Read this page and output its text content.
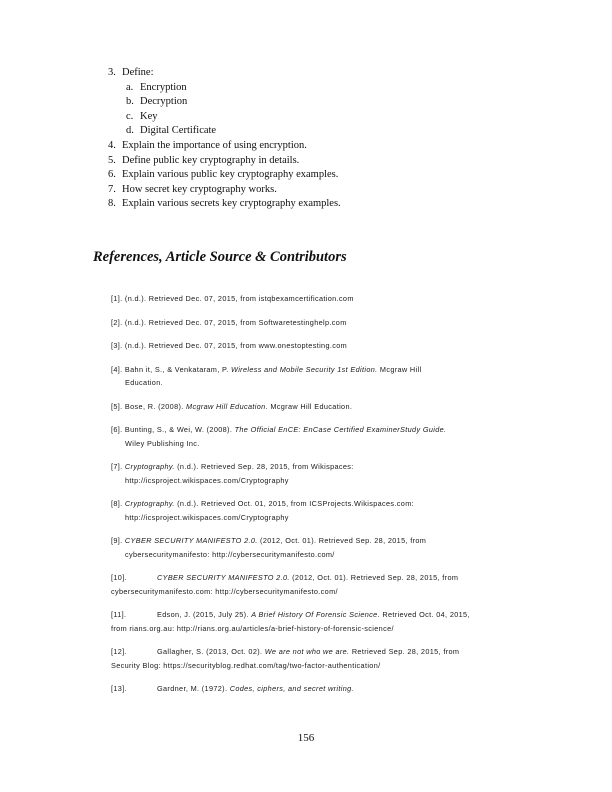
3. Define:
a. Encryption
b. Decryption
c. Key
d. Digital Certificate
4. Explain the importance of using encryption.
5. Define public key cryptography in details.
6. Explain various public key cryptography examples.
7. How secret key cryptography works.
8. Explain various secrets key cryptography examples.
References, Article Source & Contributors
[1]. (n.d.). Retrieved Dec. 07, 2015, from istqbexamcertification.com
[2]. (n.d.). Retrieved Dec. 07, 2015, from Softwaretestinghelp.com
[3]. (n.d.). Retrieved Dec. 07, 2015, from www.onestoptesting.com
[4]. Bahn it, S., & Venkataram, P. Wireless and Mobile Security 1st Edition. Mcgraw Hill
Education.
[5]. Bose, R. (2008). Mcgraw Hill Education. Mcgraw Hill Education.
[6]. Bunting, S., & Wei, W. (2008). The Official EnCE: EnCase Certified ExaminerStudy Guide.
Wiley Publishing Inc.
[7]. Cryptography. (n.d.). Retrieved Sep. 28, 2015, from Wikispaces:
http://icsproject.wikispaces.com/Cryptography
[8]. Cryptography. (n.d.). Retrieved Oct. 01, 2015, from ICSProjects.Wikispaces.com:
http://icsproject.wikispaces.com/Cryptography
[9]. CYBER SECURITY MANIFESTO 2.0. (2012, Oct. 01). Retrieved Sep. 28, 2015, from
cybersecuritymanifesto: http://cybersecuritymanifesto.com/
[10].	CYBER SECURITY MANIFESTO 2.0. (2012, Oct. 01). Retrieved Sep. 28, 2015, from
cybersecuritymanifesto.com: http://cybersecuritymanifesto.com/
[11].	Edson, J. (2015, July 25). A Brief History Of Forensic Science. Retrieved Oct. 04, 2015,
from rians.org.au: http://rians.org.au/articles/a-brief-history-of-forensic-science/
[12].	Gallagher, S. (2013, Oct. 02). We are not who we are. Retrieved Sep. 28, 2015, from
Security Blog: https://securityblog.redhat.com/tag/two-factor-authentication/
[13].	Gardner, M. (1972). Codes, ciphers, and secret writing.
156
